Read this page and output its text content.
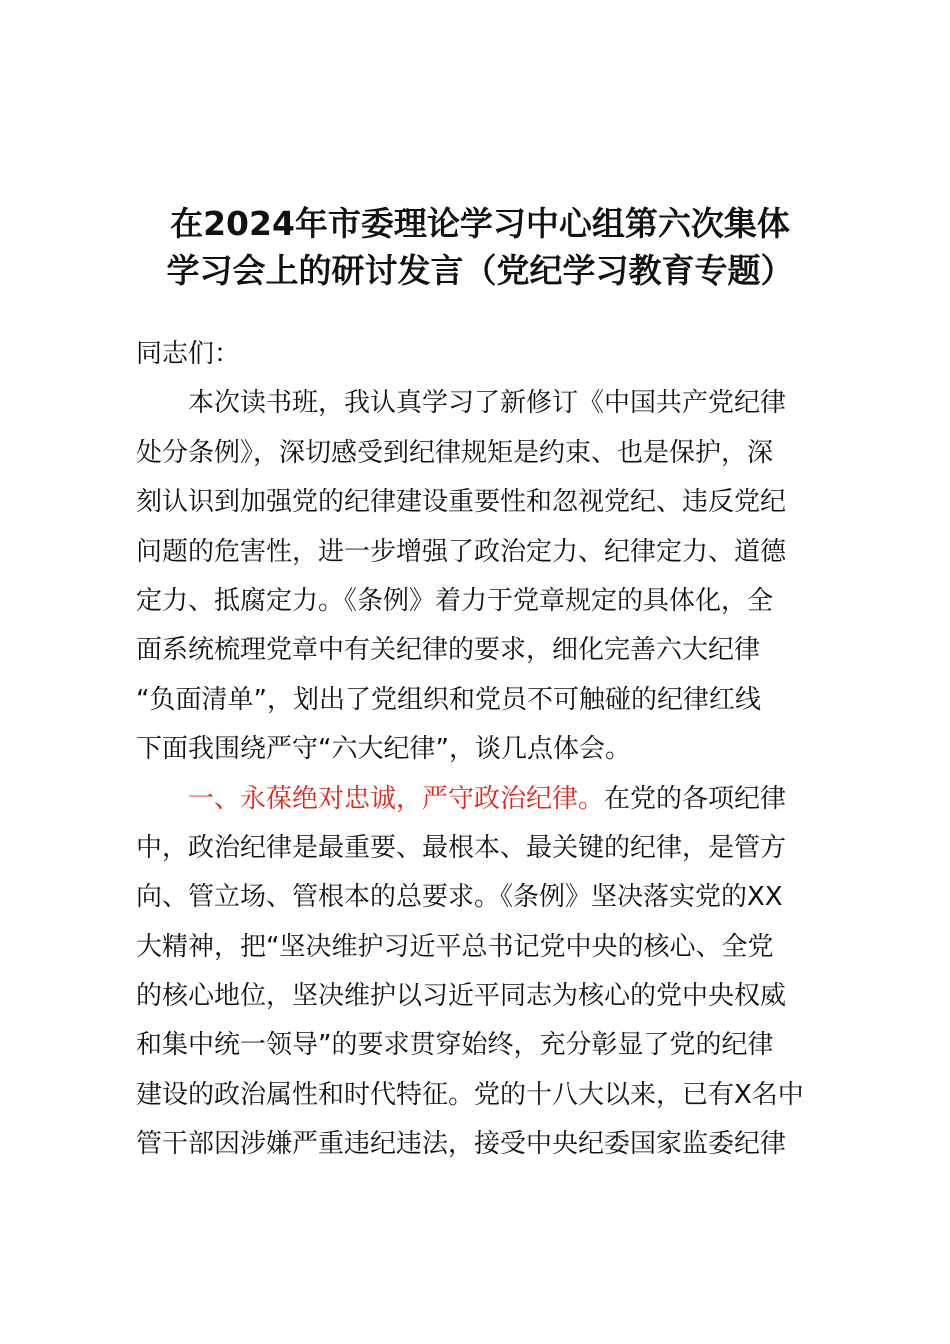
在2024年市委理论学习中心组第六次集体
学习会上的研讨发言（党纪学习教育专题）
同志们：
本次读书班，我认真学习了新修订《中国共产党纪律
处分条例》，深切感受到纪律规矩是约束、也是保护，深
刻认识到加强党的纪律建设重要性和忽视党纪、违反党纪
问题的危害性，进一步增强了政治定力、纪律定力、道德
定力、抵腐定力。《条例》着力于党章规定的具体化，全
面系统梳理党章中有关纪律的要求，细化完善六大纪律
“负面清单”，划出了党组织和党员不可触碰的纪律红线
下面我围绕严守“六大纪律”，谈几点体会。
一、永葆绝对忠诚，严守政治纪律。在党的各项纪律
中，政治纪律是最重要、最根本、最关键的纪律，是管方
向、管立场、管根本的总要求。《条例》坚决落实党的XX
大精神，把“坚决维护习近平总书记党中央的核心、全党
的核心地位，坚决维护以习近平同志为核心的党中央权威
和集中统一领导”的要求贯穿始终，充分彰显了党的纪律
建设的政治属性和时代特征。党的十八大以来，已有X名中
管干部因涉嫌严重违纪违法，接受中央纪委国家监委纪律
